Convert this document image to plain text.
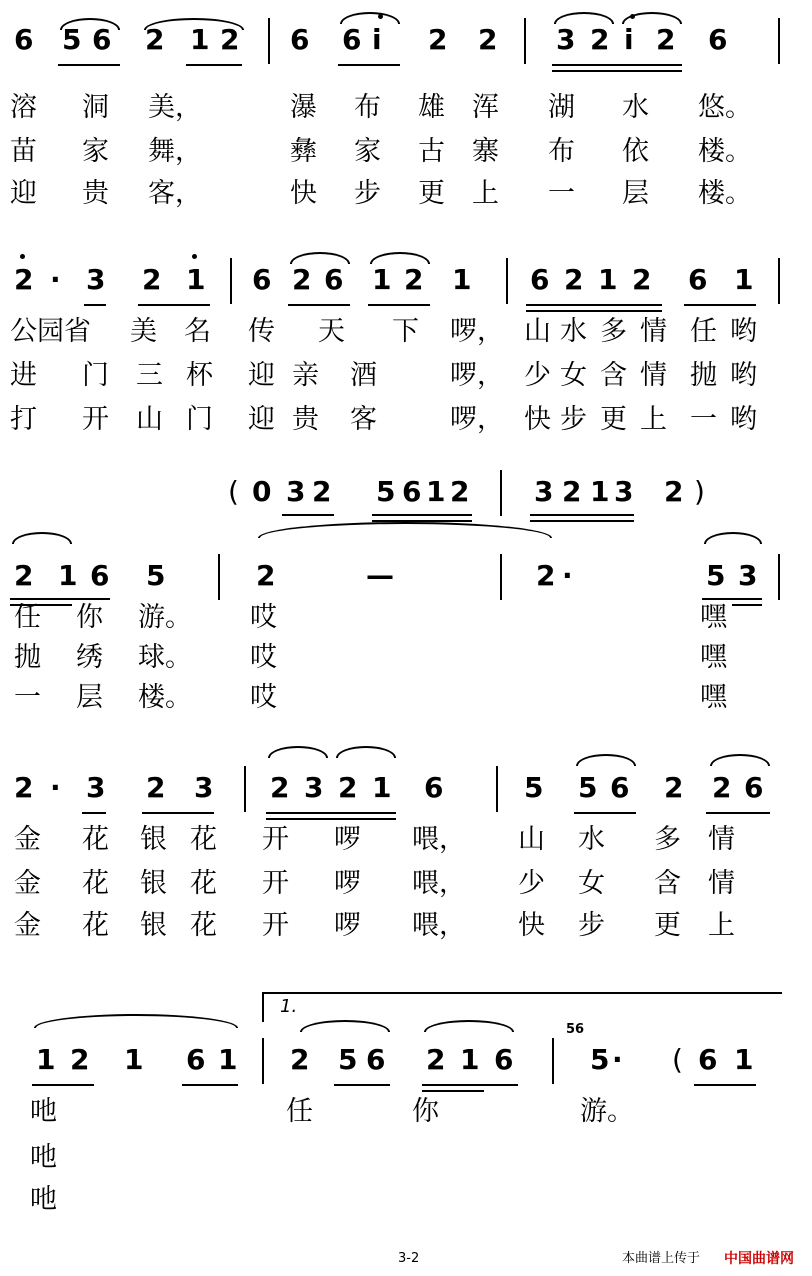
6 5 6 2 1 2 6 6 i 2 2 3 2 i 2 6
溶 洞 美，	瀑 布 雄 浑 湖 水 悠。
苗 家 舞，	彝 家 古 寨 布 依 楼。
迎 贵 客，	快 步 更 上 一 层 楼。
2 · 3 2 1 6 2 6 1 2 1 6 2 1 2 6 1
公园省 美 名 传 天 下 啰， 山 水 多 情 任 哟
进 门 三 杯 迎 亲 酒	啰， 少 女 含 情 抛 哟
打 开 山 门 迎 贵 客	啰， 快 步 更 上 一 哟
( 0 3 2 5 6 1 2 3 2 1 3 2 )
2 1 6 5	2	—	2 ·	5 3
任 你 游。 哎	嘿
抛 绣 球。 哎	嘿
一 层 楼。 哎	嘿
2 · 3 2 3 2 3 2 1 6	5 5 6 2 2 6
金 花 银 花 开 啰 喂， 山 水 多 情
金 花 银 花 开 啰 喂， 少 女 含 情
金 花 银 花 开 啰 喂， 快 步 更 上
1.
1 2 1 6 1 2 5 6 2 1 6
56
5 · ( 6 1
吔	任	你	游。
吔
吔
3-2	本曲谱上传于 中国曲谱网
